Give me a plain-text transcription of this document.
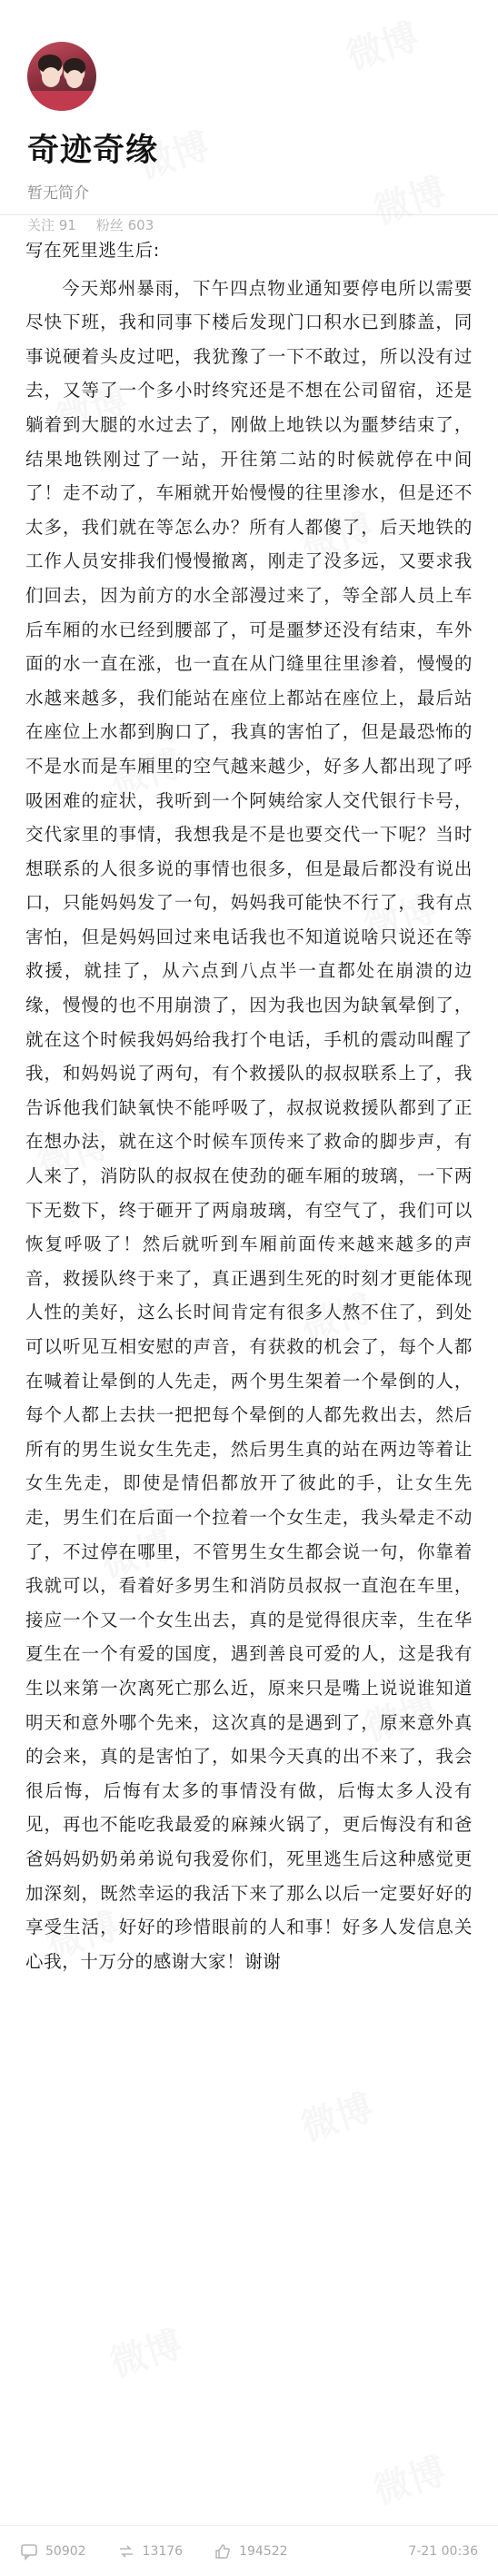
奇迹奇缘
暂无简介
关注 91 粉丝 603

写在死里逃生后:

今天郑州暴雨，下午四点物业通知要停电所以需要尽快下班，我和同事下楼后发现门口积水已到膝盖，同事说硬着头皮过吧，我犹豫了一下不敢过，所以没有过去，又等了一个多小时终究还是不想在公司留宿，还是躺着到大腿的水过去了，刚做上地铁以为噩梦结束了，结果地铁刚过了一站，开往第二站的时候就停在中间了！走不动了，车厢就开始慢慢的往里渗水，但是还不太多，我们就在等怎么办？所有人都傻了，后天地铁的工作人员安排我们慢慢撤离，刚走了没多远，又要求我们回去，因为前方的水全部漫过来了，等全部人员上车后车厢的水已经到腰部了，可是噩梦还没有结束，车外面的水一直在涨，也一直在从门缝里往里渗着，慢慢的水越来越多，我们能站在座位上都站在座位上，最后站在座位上水都到胸口了，我真的害怕了，但是最恐怖的不是水而是车厢里的空气越来越少，好多人都出现了呼吸困难的症状，我听到一个阿姨给家人交代银行卡号，交代家里的事情，我想我是不是也要交代一下呢？当时想联系的人很多说的事情也很多，但是最后都没有说出口，只能妈妈发了一句，妈妈我可能快不行了，我有点害怕，但是妈妈回过来电话我也不知道说啥只说还在等救援，就挂了，从六点到八点半一直都处在崩溃的边缘，慢慢的也不用崩溃了，因为我也因为缺氧晕倒了，就在这个时候我妈妈给我打个电话，手机的震动叫醒了我，和妈妈说了两句，有个救援队的叔叔联系上了，我告诉他我们缺氧快不能呼吸了，叔叔说救援队都到了正在想办法，就在这个时候车顶传来了救命的脚步声，有人来了，消防队的叔叔在使劲的砸车厢的玻璃，一下两下无数下，终于砸开了两扇玻璃，有空气了，我们可以恢复呼吸了！然后就听到车厢前面传来越来越多的声音，救援队终于来了，真正遇到生死的时刻才更能体现人性的美好，这么长时间肯定有很多人熬不住了，到处可以听见互相安慰的声音，有获救的机会了，每个人都在喊着让晕倒的人先走，两个男生架着一个晕倒的人，每个人都上去扶一把把每个晕倒的人都先救出去，然后所有的男生说女生先走，然后男生真的站在两边等着让女生先走，即使是情侣都放开了彼此的手，让女生先走，男生们在后面一个拉着一个女生走，我头晕走不动了，不过停在哪里，不管男生女生都会说一句，你靠着我就可以，看着好多男生和消防员叔叔一直泡在车里，接应一个又一个女生出去，真的是觉得很庆幸，生在华夏生在一个有爱的国度，遇到善良可爱的人，这是我有生以来第一次离死亡那么近，原来只是嘴上说说谁知道明天和意外哪个先来，这次真的是遇到了，原来意外真的会来，真的是害怕了，如果今天真的出不来了，我会很后悔，后悔有太多的事情没有做，后悔太多人没有见，再也不能吃我最爱的麻辣火锅了，更后悔没有和爸爸妈妈奶奶弟弟说句我爱你们，死里逃生后这种感觉更加深刻，既然幸运的我活下来了那么以后一定要好好的享受生活，好好的珍惜眼前的人和事！好多人发信息关心我，十万分的感谢大家！谢谢

50902	13176	194522	7-21 00:36
